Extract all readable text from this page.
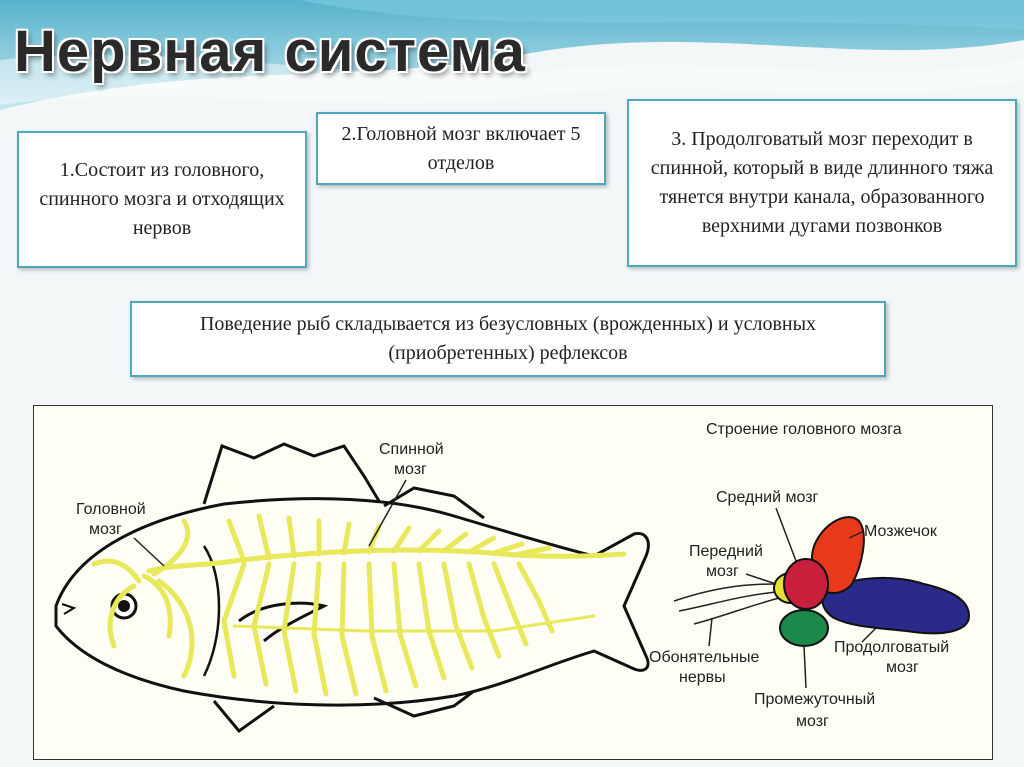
Нервная система
1.Состоит из головного, спинного мозга и отходящих нервов
2.Головной мозг включает 5 отделов
3. Продолговатый мозг переходит в спинной, который в виде длинного тяжа тянется внутри канала, образованного верхними дугами позвонков
Поведение рыб складывается из безусловных (врожденных) и условных (приобретенных) рефлексов
Спинной
мозг
Головной
мозг
Строение головного мозга
Средний мозг
Мозжечок
Передний
мозг
Продолговатый
мозг
Обонятельные
нервы
Промежуточный
мозг
